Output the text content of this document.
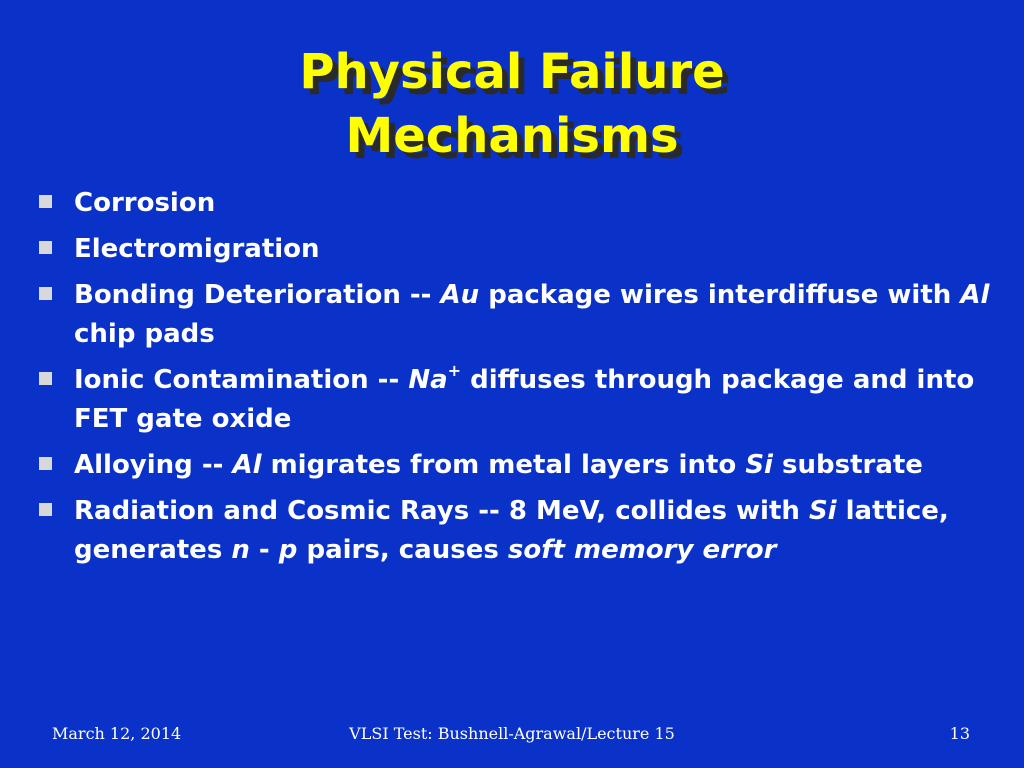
Physical Failure
Mechanisms
Corrosion
Electromigration
Bonding Deterioration -- Au package wires interdiffuse with Al chip pads
Ionic Contamination -- Na+ diffuses through package and into FET gate oxide
Alloying -- Al migrates from metal layers into Si substrate
Radiation and Cosmic Rays -- 8 MeV, collides with Si lattice, generates n - p pairs, causes soft memory error
March 12, 2014	VLSI Test: Bushnell-Agrawal/Lecture 15	13
